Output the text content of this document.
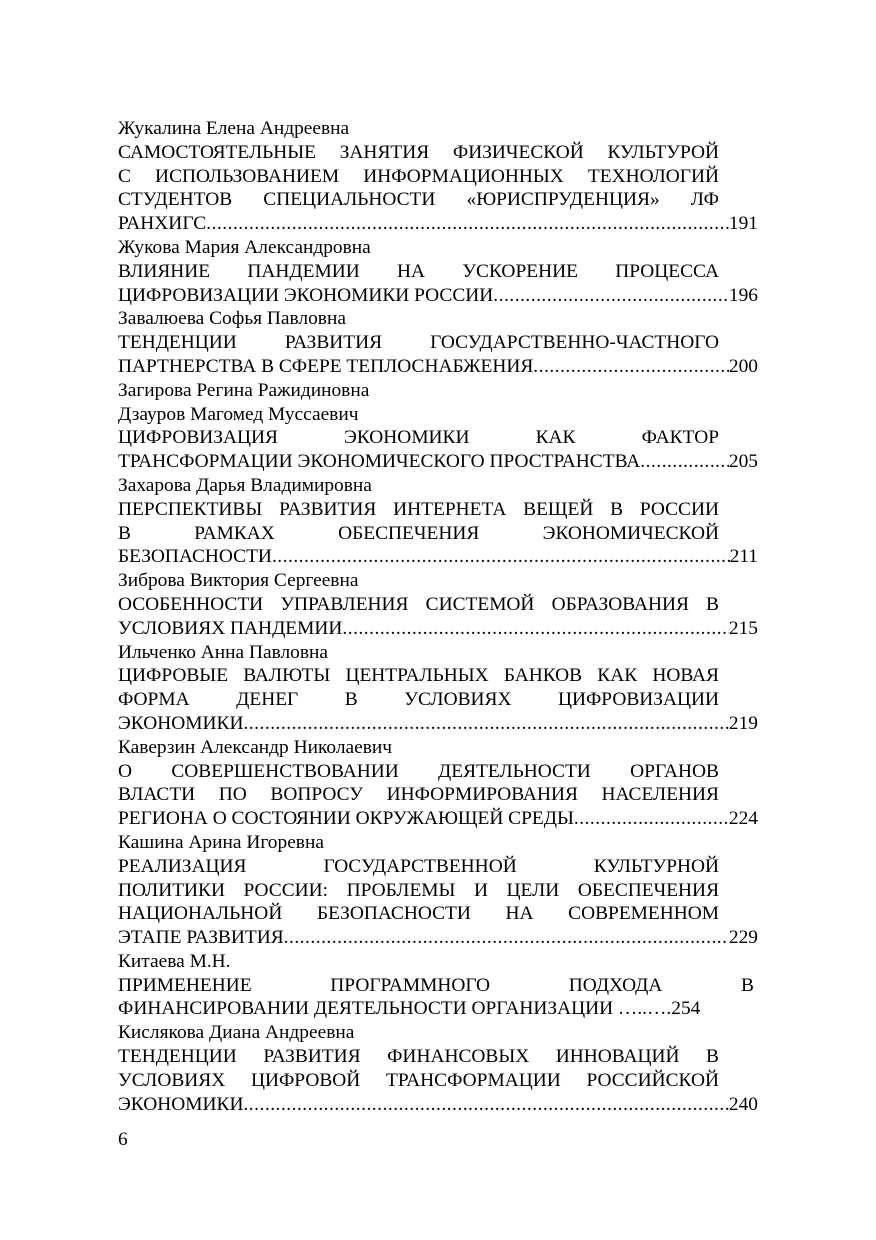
Жукалина Елена Андреевна
САМОСТОЯТЕЛЬНЫЕ ЗАНЯТИЯ ФИЗИЧЕСКОЙ КУЛЬТУРОЙ
С ИСПОЛЬЗОВАНИЕМ ИНФОРМАЦИОННЫХ ТЕХНОЛОГИЙ
СТУДЕНТОВ СПЕЦИАЛЬНОСТИ «ЮРИСПРУДЕНЦИЯ» ЛФ
РАНХИГС .....	191
Жукова Мария Александровна
ВЛИЯНИЕ ПАНДЕМИИ НА УСКОРЕНИЕ ПРОЦЕССА
ЦИФРОВИЗАЦИИ ЭКОНОМИКИ РОССИИ .....	196
Завалюева Софья Павловна
ТЕНДЕНЦИИ РАЗВИТИЯ ГОСУДАРСТВЕННО-ЧАСТНОГО
ПАРТНЕРСТВА В СФЕРЕ ТЕПЛОСНАБЖЕНИЯ .....	200
Загирова Регина Ражидиновна
Дзауров Магомед Муссаевич
ЦИФРОВИЗАЦИЯ ЭКОНОМИКИ КАК ФАКТОР
ТРАНСФОРМАЦИИ ЭКОНОМИЧЕСКОГО ПРОСТРАНСТВА .....	205
Захарова Дарья Владимировна
ПЕРСПЕКТИВЫ РАЗВИТИЯ ИНТЕРНЕТА ВЕЩЕЙ В РОССИИ
В РАМКАХ ОБЕСПЕЧЕНИЯ ЭКОНОМИЧЕСКОЙ
БЕЗОПАСНОСТИ .....	211
Зиброва Виктория Сергеевна
ОСОБЕННОСТИ УПРАВЛЕНИЯ СИСТЕМОЙ ОБРАЗОВАНИЯ В
УСЛОВИЯХ ПАНДЕМИИ .....	215
Ильченко Анна Павловна
ЦИФРОВЫЕ ВАЛЮТЫ ЦЕНТРАЛЬНЫХ БАНКОВ КАК НОВАЯ
ФОРМА ДЕНЕГ В УСЛОВИЯХ ЦИФРОВИЗАЦИИ
ЭКОНОМИКИ .....	219
Каверзин Александр Николаевич
О СОВЕРШЕНСТВОВАНИИ ДЕЯТЕЛЬНОСТИ ОРГАНОВ
ВЛАСТИ ПО ВОПРОСУ ИНФОРМИРОВАНИЯ НАСЕЛЕНИЯ
РЕГИОНА О СОСТОЯНИИ ОКРУЖАЮЩЕЙ СРЕДЫ .....	224
Кашина Арина Игоревна
РЕАЛИЗАЦИЯ ГОСУДАРСТВЕННОЙ КУЛЬТУРНОЙ
ПОЛИТИКИ РОССИИ: ПРОБЛЕМЫ И ЦЕЛИ ОБЕСПЕЧЕНИЯ
НАЦИОНАЛЬНОЙ БЕЗОПАСНОСТИ НА СОВРЕМЕННОМ
ЭТАПЕ РАЗВИТИЯ .....	229
Китаева М.Н.
ПРИМЕНЕНИЕ ПРОГРАММНОГО ПОДХОДА В
ФИНАНСИРОВАНИИ ДЕЯТЕЛЬНОСТИ ОРГАНИЗАЦИИ …..….254
Кислякова Диана Андреевна
ТЕНДЕНЦИИ РАЗВИТИЯ ФИНАНСОВЫХ ИННОВАЦИЙ В
УСЛОВИЯХ ЦИФРОВОЙ ТРАНСФОРМАЦИИ РОССИЙСКОЙ
ЭКОНОМИКИ .....	240
6
